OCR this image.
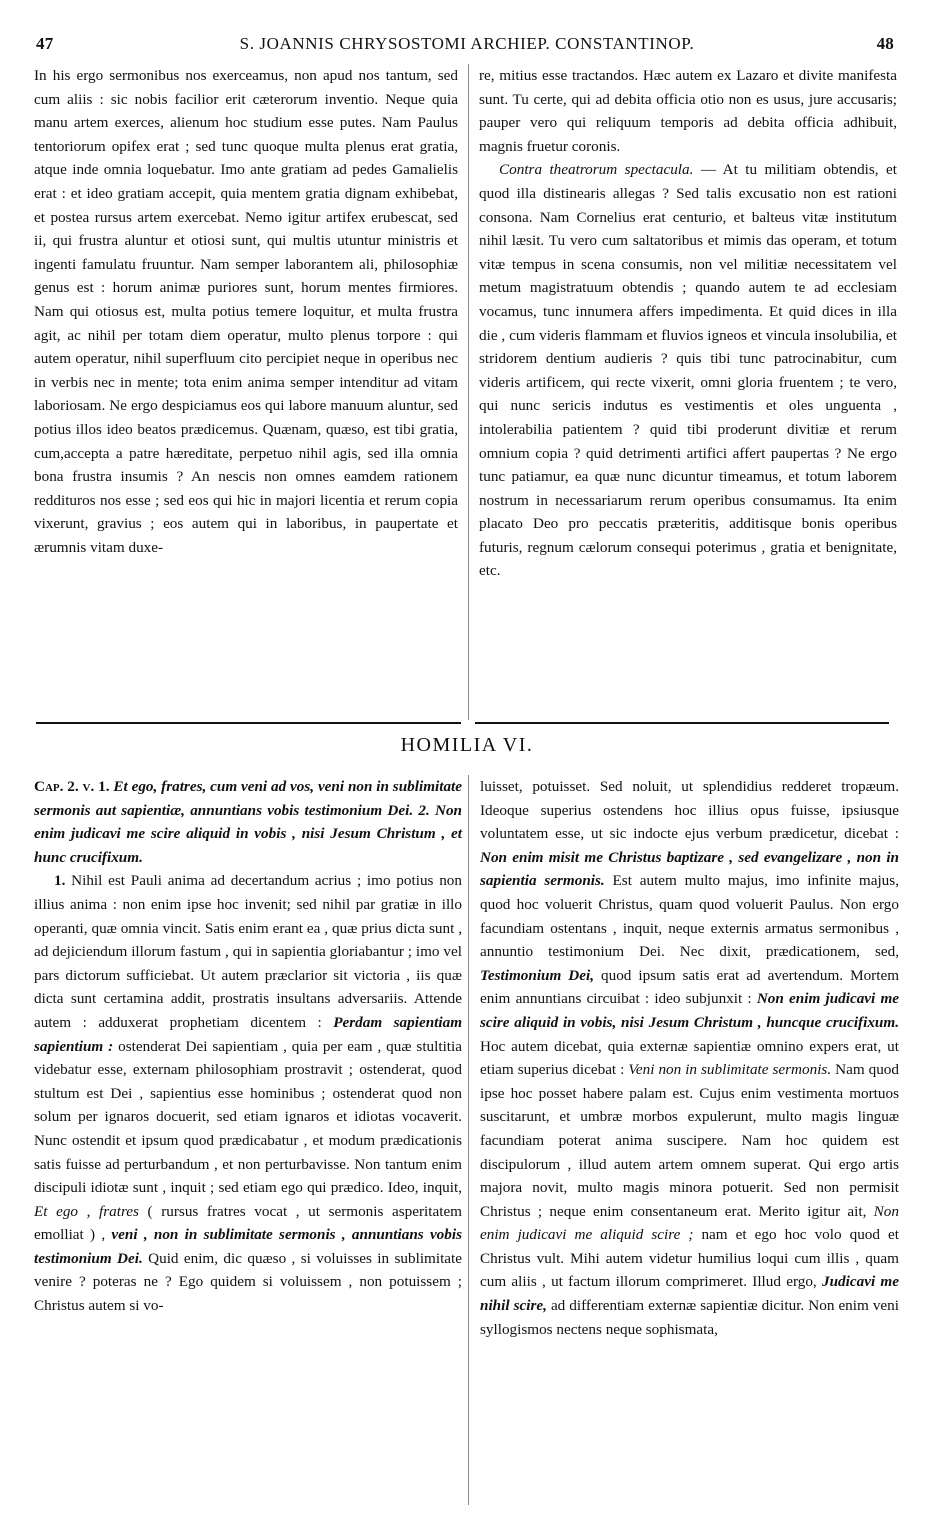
47	S. JOANNIS CHRYSOSTOMI ARCHIEP. CONSTANTINOP.	48

In his ergo sermonibus nos exerceamus, non apud nos tantum, sed cum aliis : sic nobis facilior erit cæterorum inventio. Neque quia manu artem exerces, alienum hoc studium esse putes. Nam Paulus tentoriorum opifex erat ; sed tunc quoque multa plenus erat gratia, atque inde omnia loquebatur. Imo ante gratiam ad pedes Gamalielis erat : et ideo gratiam accepit, quia mentem gratia dignam exhibebat, et postea rursus artem exercebat. Nemo igitur artifex erubescat, sed ii, qui frustra aluntur et otiosi sunt, qui multis utuntur ministris et ingenti famulatu fruuntur. Nam semper laborantem ali, philosophiæ genus est : horum animæ puriores sunt, horum mentes firmiores. Nam qui otiosus est, multa potius temere loquitur, et multa frustra agit, ac nihil per totam diem operatur, multo plenus torpore : qui autem operatur, nihil superfluum cito percipiet neque in operibus nec in verbis nec in mente; tota enim anima semper intenditur ad vitam laboriosam. Ne ergo despiciamus eos qui labore manuum aluntur, sed potius illos ideo beatos prædicemus. Quænam, quæso, est tibi gratia, cum,accepta a patre hæreditate, perpetuo nihil agis, sed illa omnia bona frustra insumis ? An nescis non omnes eamdem rationem reddituros nos esse ; sed eos qui hic in majori licentia et rerum copia vixerunt, gravius ; eos autem qui in laboribus, in paupertate et ærumnis vitam duxe-

re, mitius esse tractandos. Hæc autem ex Lazaro et divite manifesta sunt. Tu certe, qui ad debita officia otio non es usus, jure accusaris; pauper vero qui reliquum temporis ad debita officia adhibuit, magnis fruetur coronis.

Contra theatrorum spectacula. — At tu militiam obtendis, et quod illa distinearis allegas ? Sed talis excusatio non est rationi consona. Nam Cornelius erat centurio, et balteus vitæ institutum nihil læsit. Tu vero cum saltatoribus et mimis das operam, et totum vitæ tempus in scena consumis, non vel militiæ necessitatem vel metum magistratuum obtendis ; quando autem te ad ecclesiam vocamus, tunc innumera affers impedimenta. Et quid dices in illa die , cum videris flammam et fluvios igneos et vincula insolubilia, et stridorem dentium audieris ? quis tibi tunc patrocinabitur, cum videris artificem, qui recte vixerit, omni gloria fruentem ; te vero, qui nunc sericis indutus es vestimentis et oles unguenta , intolerabilia patientem ? quid tibi proderunt divitiæ et rerum omnium copia ? quid detrimenti artifici affert paupertas ? Ne ergo tunc patiamur, ea quæ nunc dicuntur timeamus, et totum laborem nostrum in necessariarum rerum operibus consumamus. Ita enim placato Deo pro peccatis præteritis, additisque bonis operibus futuris, regnum cælorum consequi poterimus , gratia et benignitate, etc.

HOMILIA VI.

Cap. 2. v. 1. Et ego, fratres, cum veni ad vos, veni non in sublimitate sermonis aut sapientiæ, annuntians vobis testimonium Dei. 2. Non enim judicavi me scire aliquid in vobis , nisi Jesum Christum , et hunc crucifixum.

1. Nihil est Pauli anima ad decertandum acrius ; imo potius non illius anima : non enim ipse hoc invenit; sed nihil par gratiæ in illo operanti, quæ omnia vincit. Satis enim erant ea , quæ prius dicta sunt , ad dejiciendum illorum fastum , qui in sapientia gloriabantur ; imo vel pars dictorum sufficiebat. Ut autem præclarior sit victoria , iis quæ dicta sunt certamina addit, prostratis insultans adversariis. Attende autem : adduxerat prophetiam dicentem : Perdam sapientiam sapientium : ostenderat Dei sapientiam , quia per eam , quæ stultitia videbatur esse, externam philosophiam prostravit ; ostenderat, quod stultum est Dei , sapientius esse hominibus ; ostenderat quod non solum per ignaros docuerit, sed etiam ignaros et idiotas vocaverit. Nunc ostendit et ipsum quod prædicabatur , et modum prædicationis satis fuisse ad perturbandum , et non perturbavisse. Non tantum enim discipuli idiotæ sunt , inquit ; sed etiam ego qui prædico. Ideo, inquit, Et ego , fratres ( rursus fratres vocat , ut sermonis asperitatem emolliat ) , veni , non in sublimitate sermonis , annuntians vobis testimonium Dei. Quid enim, dic quæso , si voluisses in sublimitate venire ? poteras ne ? Ego quidem si voluissem , non potuissem ; Christus autem si vo-

luisset, potuisset. Sed noluit, ut splendidius redderet tropæum. Ideoque superius ostendens hoc illius opus fuisse, ipsiusque voluntatem esse, ut sic indocte ejus verbum prædicetur, dicebat : Non enim misit me Christus baptizare , sed evangelizare , non in sapientia sermonis. Est autem multo majus, imo infinite majus, quod hoc voluerit Christus, quam quod voluerit Paulus. Non ergo facundiam ostentans , inquit, neque externis armatus sermonibus , annuntio testimonium Dei. Nec dixit, prædicationem, sed, Testimonium Dei, quod ipsum satis erat ad avertendum. Mortem enim annuntians circuibat : ideo subjunxit : Non enim judicavi me scire aliquid in vobis, nisi Jesum Christum , huncque crucifixum. Hoc autem dicebat, quia externæ sapientiæ omnino expers erat, ut etiam superius dicebat : Veni non in sublimitate sermonis. Nam quod ipse hoc posset habere palam est. Cujus enim vestimenta mortuos suscitarunt, et umbræ morbos expulerunt, multo magis linguæ facundiam poterat anima suscipere. Nam hoc quidem est discipulorum , illud autem artem omnem superat. Qui ergo artis majora novit, multo magis minora potuerit. Sed non permisit Christus ; neque enim consentaneum erat. Merito igitur ait, Non enim judicavi me aliquid scire ; nam et ego hoc volo quod et Christus vult. Mihi autem videtur humilius loqui cum illis , quam cum aliis , ut factum illorum comprimeret. Illud ergo, Judicavi me nihil scire, ad differentiam externæ sapientiæ dicitur. Non enim veni syllogismos nectens neque sophismata,
